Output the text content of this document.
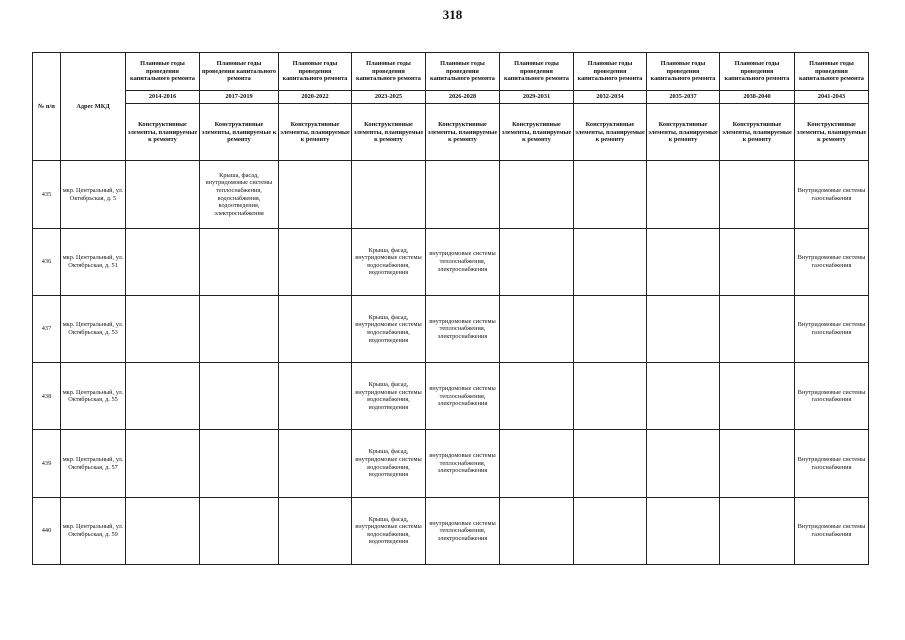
318
№ п/п	Адрес МКД	Плановые годы проведения капитального ремонта	Плановые годы проведения капитального ремонта	Плановые годы проведения капитального ремонта	Плановые годы проведения капитального ремонта	Плановые годы проведения капитального ремонта	Плановые годы проведения капитального ремонта	Плановые годы проведения капитального ремонта	Плановые годы проведения капитального ремонта	Плановые годы проведения капитального ремонта	Плановые годы проведения капитального ремонта
		2014-2016	2017-2019	2020-2022	2023-2025	2026-2028	2029-2031	2032-2034	2035-2037	2038-2040	2041-2043
		Конструктивные элементы, планируемые к ремонту	Конструктивные элементы, планируемые к ремонту	Конструктивные элементы, планируемые к ремонту	Конструктивные элементы, планируемые к ремонту	Конструктивные элементы, планируемые к ремонту	Конструктивные элементы, планируемые к ремонту	Конструктивные элементы, планируемые к ремонту	Конструктивные элементы, планируемые к ремонту	Конструктивные элементы, планируемые к ремонту	Конструктивные элементы, планируемые к ремонту
435	мкр. Центральный, ул. Октябрьская, д. 5		Крыша, фасад, внутридомовые системы теплоснабжения, водоснабжения, водоотведения, электроснабжения								Внутридомовые системы газоснабжения
436	мкр. Центральный, ул. Октябрьская, д. 51				Крыша, фасад, внутридомовые системы водоснабжения, водоотведения	внутридомовые системы теплоснабжения, электроснабжения					Внутридомовые системы газоснабжения
437	мкр. Центральный, ул. Октябрьская, д. 53				Крыша, фасад, внутридомовые системы водоснабжения, водоотведения	внутридомовые системы теплоснабжения, электроснабжения					Внутридомовые системы газоснабжения
438	мкр. Центральный, ул. Октябрьская, д. 55				Крыша, фасад, внутридомовые системы водоснабжения, водоотведения	внутридомовые системы теплоснабжения, электроснабжения					Внутридомовые системы газоснабжения
439	мкр. Центральный, ул. Октябрьская, д. 57				Крыша, фасад, внутридомовые системы водоснабжения, водоотведения	внутридомовые системы теплоснабжения, электроснабжения					Внутридомовые системы газоснабжения
440	мкр. Центральный, ул. Октябрьская, д. 59				Крыша, фасад, внутридомовые системы водоснабжения, водоотведения	внутридомовые системы теплоснабжения, электроснабжения					Внутридомовые системы газоснабжения
